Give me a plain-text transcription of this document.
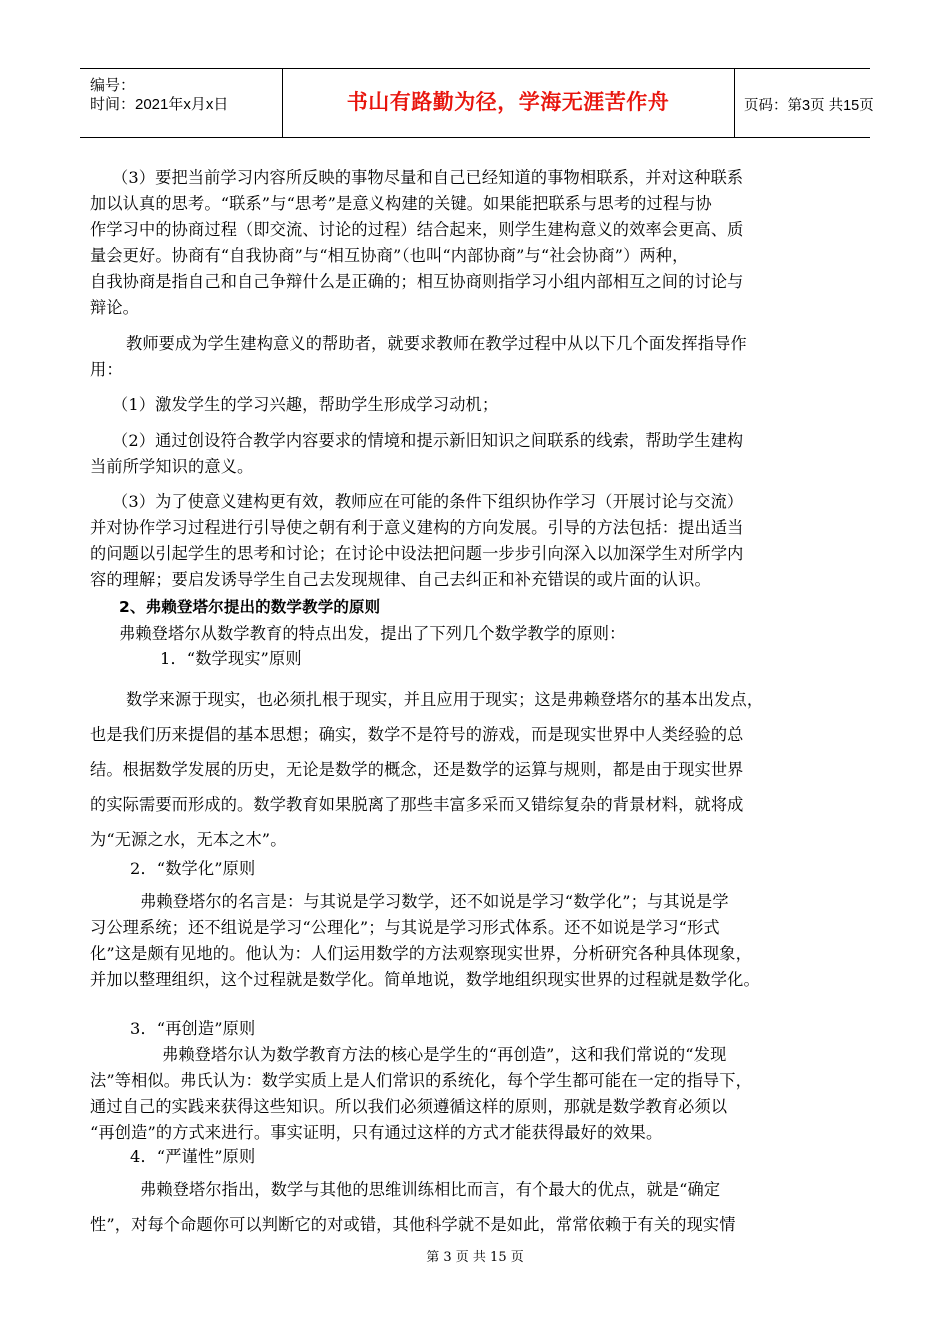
编号：
时间：2021年x月x日	书山有路勤为径，学海无涯苦作舟	页码：第3页 共15页
（3）要把当前学习内容所反映的事物尽量和自己已经知道的事物相联系，并对这种联系
加以认真的思考。“联系”与“思考”是意义构建的关键。如果能把联系与思考的过程与协
作学习中的协商过程（即交流、讨论的过程）结合起来，则学生建构意义的效率会更高、质
量会更好。协商有“自我协商”与“相互协商”（也叫“内部协商”与“社会协商”）两种，
自我协商是指自己和自己争辩什么是正确的；相互协商则指学习小组内部相互之间的讨论与
辩论。
教师要成为学生建构意义的帮助者，就要求教师在教学过程中从以下几个面发挥指导作
用：
（1）激发学生的学习兴趣，帮助学生形成学习动机；
（2）通过创设符合教学内容要求的情境和提示新旧知识之间联系的线索，帮助学生建构
当前所学知识的意义。
（3）为了使意义建构更有效，教师应在可能的条件下组织协作学习（开展讨论与交流）
并对协作学习过程进行引导使之朝有利于意义建构的方向发展。引导的方法包括：提出适当
的问题以引起学生的思考和讨论；在讨论中设法把问题一步步引向深入以加深学生对所学内
容的理解；要启发诱导学生自己去发现规律、自己去纠正和补充错误的或片面的认识。
2、弗赖登塔尔提出的数学教学的原则
弗赖登塔尔从数学教育的特点出发，提出了下列几个数学教学的原则：
1．“数学现实”原则
数学来源于现实，也必须扎根于现实，并且应用于现实；这是弗赖登塔尔的基本出发点，
也是我们历来提倡的基本思想；确实，数学不是符号的游戏，而是现实世界中人类经验的总
结。根据数学发展的历史，无论是数学的概念，还是数学的运算与规则，都是由于现实世界
的实际需要而形成的。数学教育如果脱离了那些丰富多采而又错综复杂的背景材料，就将成
为“无源之水，无本之木”。
2．“数学化”原则
弗赖登塔尔的名言是：与其说是学习数学，还不如说是学习“数学化”；与其说是学
习公理系统；还不组说是学习“公理化”；与其说是学习形式体系。还不如说是学习“形式
化”这是颇有见地的。他认为：人们运用数学的方法观察现实世界，分析研究各种具体现象，
并加以整理组织，这个过程就是数学化。简单地说，数学地组织现实世界的过程就是数学化。
3．“再创造”原则
弗赖登塔尔认为数学教育方法的核心是学生的“再创造”，这和我们常说的“发现
法”等相似。弗氏认为：数学实质上是人们常识的系统化，每个学生都可能在一定的指导下，
通过自己的实践来获得这些知识。所以我们必须遵循这样的原则，那就是数学教育必须以
“再创造”的方式来进行。事实证明，只有通过这样的方式才能获得最好的效果。
4．“严谨性”原则
弗赖登塔尔指出，数学与其他的思维训练相比而言，有个最大的优点，就是“确定
性”，对每个命题你可以判断它的对或错，其他科学就不是如此，常常依赖于有关的现实情
第 3 页 共 15 页
